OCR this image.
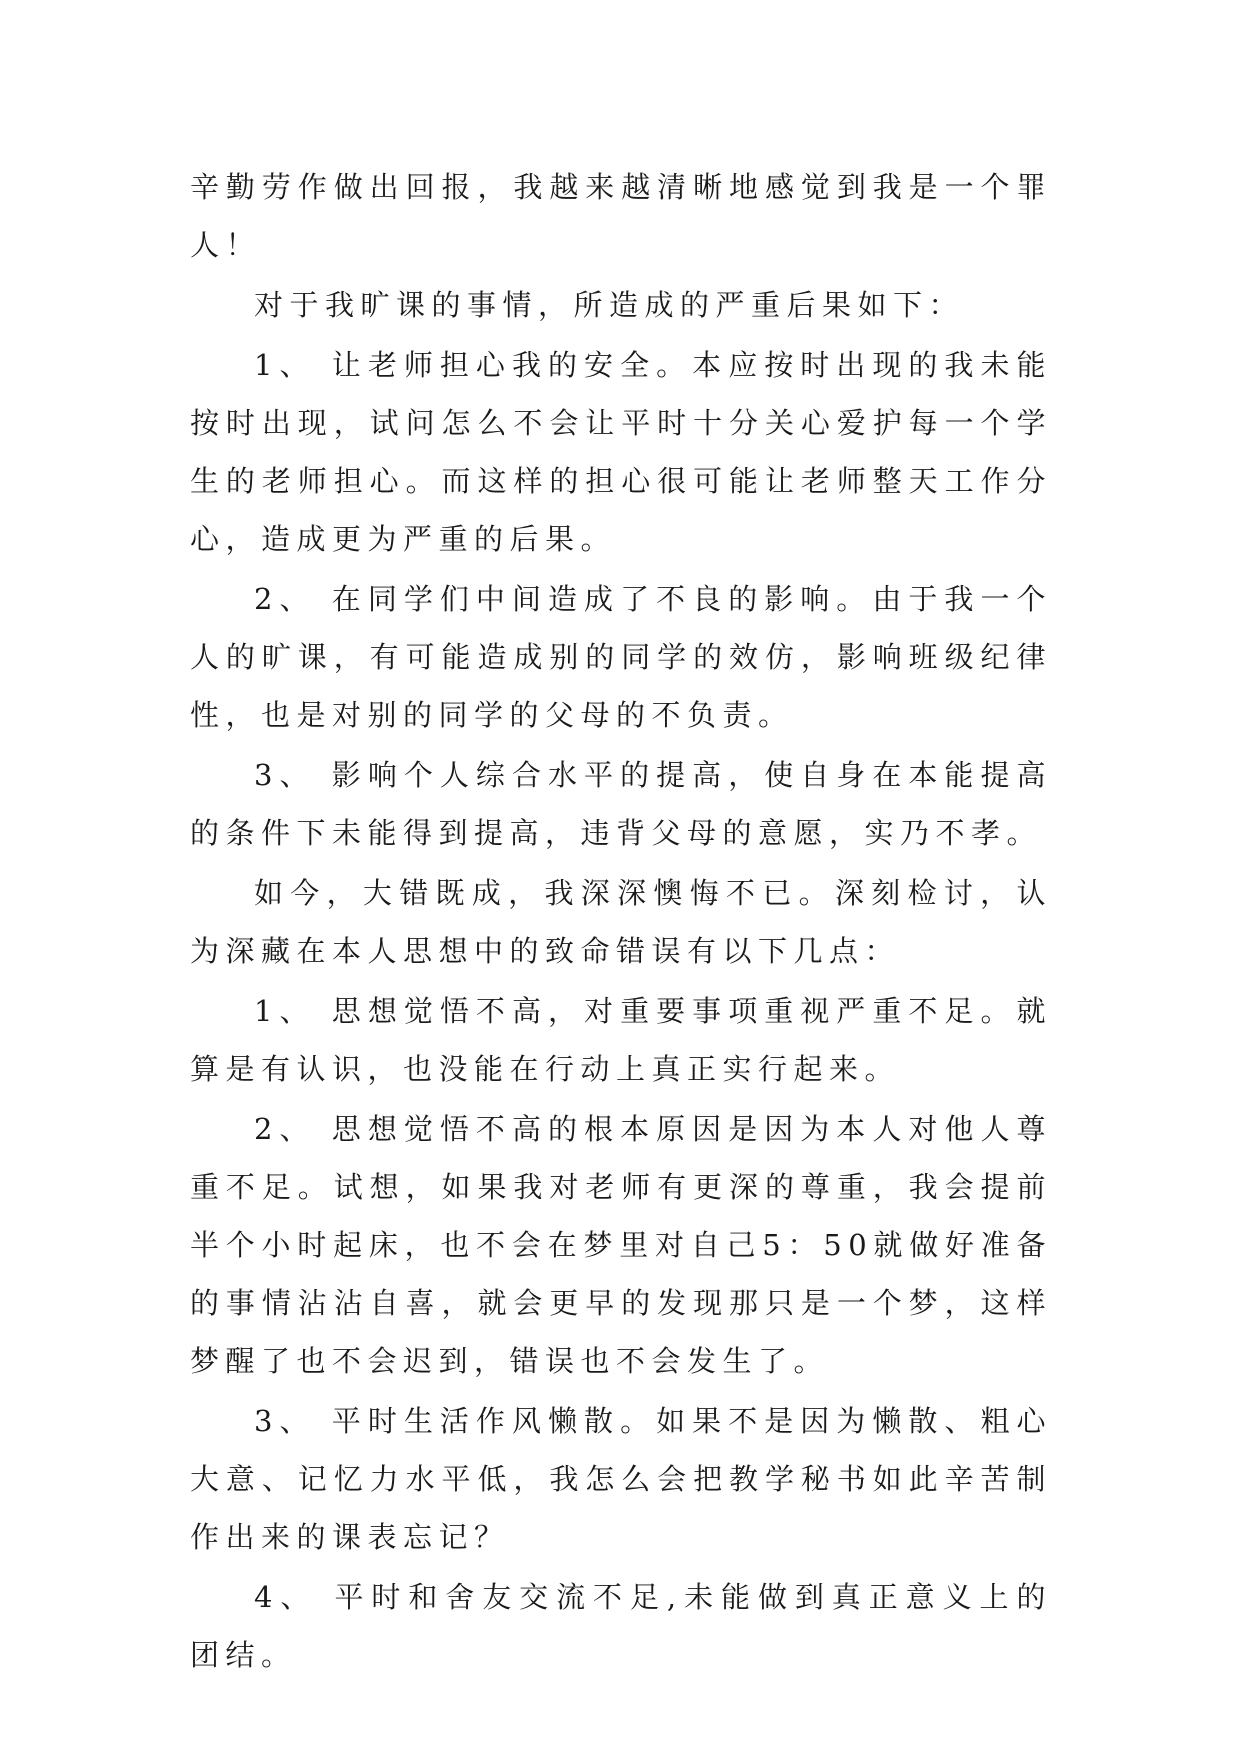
辛勤劳作做出回报，我越来越清晰地感觉到我是一个罪人！

对于我旷课的事情，所造成的严重后果如下：

1、 让老师担心我的安全。本应按时出现的我未能按时出现，试问怎么不会让平时十分关心爱护每一个学生的老师担心。而这样的担心很可能让老师整天工作分心，造成更为严重的后果。

2、 在同学们中间造成了不良的影响。由于我一个人的旷课，有可能造成别的同学的效仿，影响班级纪律性，也是对别的同学的父母的不负责。

3、 影响个人综合水平的提高，使自身在本能提高的条件下未能得到提高，违背父母的意愿，实乃不孝。

如今，大错既成，我深深懊悔不已。深刻检讨，认为深藏在本人思想中的致命错误有以下几点：

1、 思想觉悟不高，对重要事项重视严重不足。就算是有认识，也没能在行动上真正实行起来。

2、 思想觉悟不高的根本原因是因为本人对他人尊重不足。试想，如果我对老师有更深的尊重，我会提前半个小时起床，也不会在梦里对自己5：50就做好准备的事情沾沾自喜，就会更早的发现那只是一个梦，这样梦醒了也不会迟到，错误也不会发生了。

3、 平时生活作风懒散。如果不是因为懒散、粗心大意、记忆力水平低，我怎么会把教学秘书如此辛苦制作出来的课表忘记？

4、 平时和舍友交流不足,未能做到真正意义上的团结。
